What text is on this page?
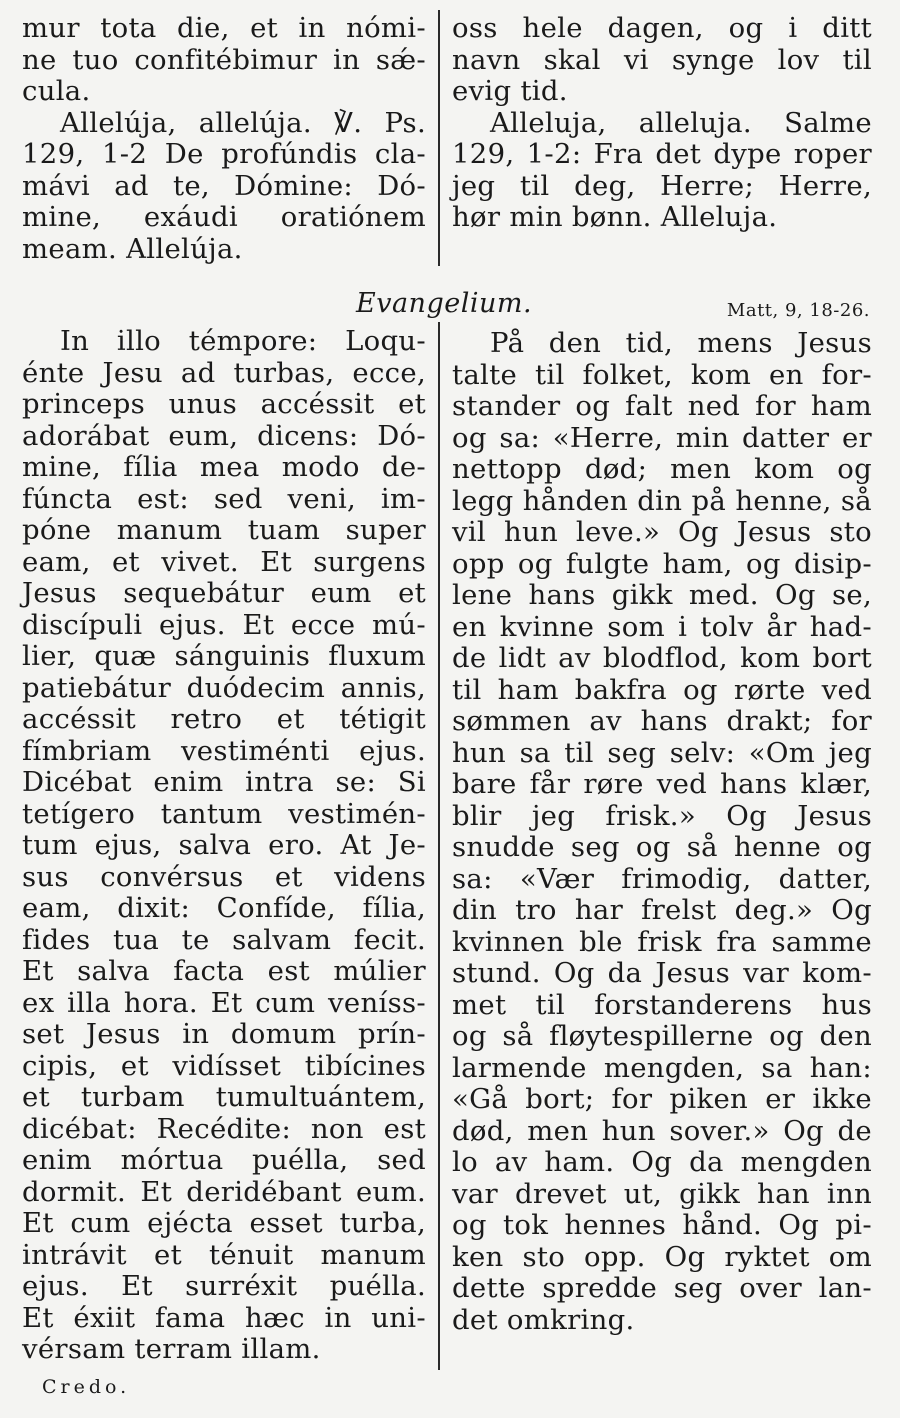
mur tota die, et in nómi-
ne tuo confitébimur in sǽ-
cula.
Allelúja, allelúja. ℣. Ps.
129, 1-2 De profúndis cla-
mávi ad te, Dómine: Dó-
mine, exáudi oratiónem
meam. Allelúja.
oss hele dagen, og i ditt
navn skal vi synge lov til
evig tid.
Alleluja, alleluja. Salme
129, 1-2: Fra det dype roper
jeg til deg, Herre; Herre,
hør min bønn. Alleluja.
Evangelium.	Matt, 9, 18-26.
In illo témpore: Loqu-
énte Jesu ad turbas, ecce,
princeps unus accéssit et
adorábat eum, dicens: Dó-
mine, fília mea modo de-
fúncta est: sed veni, im-
póne manum tuam super
eam, et vivet. Et surgens
Jesus sequebátur eum et
discípuli ejus. Et ecce mú-
lier, quæ sánguinis fluxum
patiebátur duódecim annis,
accéssit retro et tétigit
fímbriam vestiménti ejus.
Dicébat enim intra se: Si
tetígero tantum vestimén-
tum ejus, salva ero. At Je-
sus convérsus et videns
eam, dixit: Confíde, fília,
fides tua te salvam fecit.
Et salva facta est múlier
ex illa hora. Et cum veníss-
set Jesus in domum prín-
cipis, et vidísset tibícines
et turbam tumultuántem,
dicébat: Recédite: non est
enim mórtua puélla, sed
dormit. Et deridébant eum.
Et cum ejécta esset turba,
intrávit et ténuit manum
ejus. Et surréxit puélla.
Et éxiit fama hæc in uni-
vérsam terram illam.
På den tid, mens Jesus
talte til folket, kom en for-
stander og falt ned for ham
og sa: «Herre, min datter er
nettopp død; men kom og
legg hånden din på henne, så
vil hun leve.» Og Jesus sto
opp og fulgte ham, og disip-
lene hans gikk med. Og se,
en kvinne som i tolv år had-
de lidt av blodflod, kom bort
til ham bakfra og rørte ved
sømmen av hans drakt; for
hun sa til seg selv: «Om jeg
bare får røre ved hans klær,
blir jeg frisk.» Og Jesus
snudde seg og så henne og
sa: «Vær frimodig, datter,
din tro har frelst deg.» Og
kvinnen ble frisk fra samme
stund. Og da Jesus var kom-
met til forstanderens hus
og så fløytespillerne og den
larmende mengden, sa han:
«Gå bort; for piken er ikke
død, men hun sover.» Og de
lo av ham. Og da mengden
var drevet ut, gikk han inn
og tok hennes hånd. Og pi-
ken sto opp. Og ryktet om
dette spredde seg over lan-
det omkring.
Credo.
